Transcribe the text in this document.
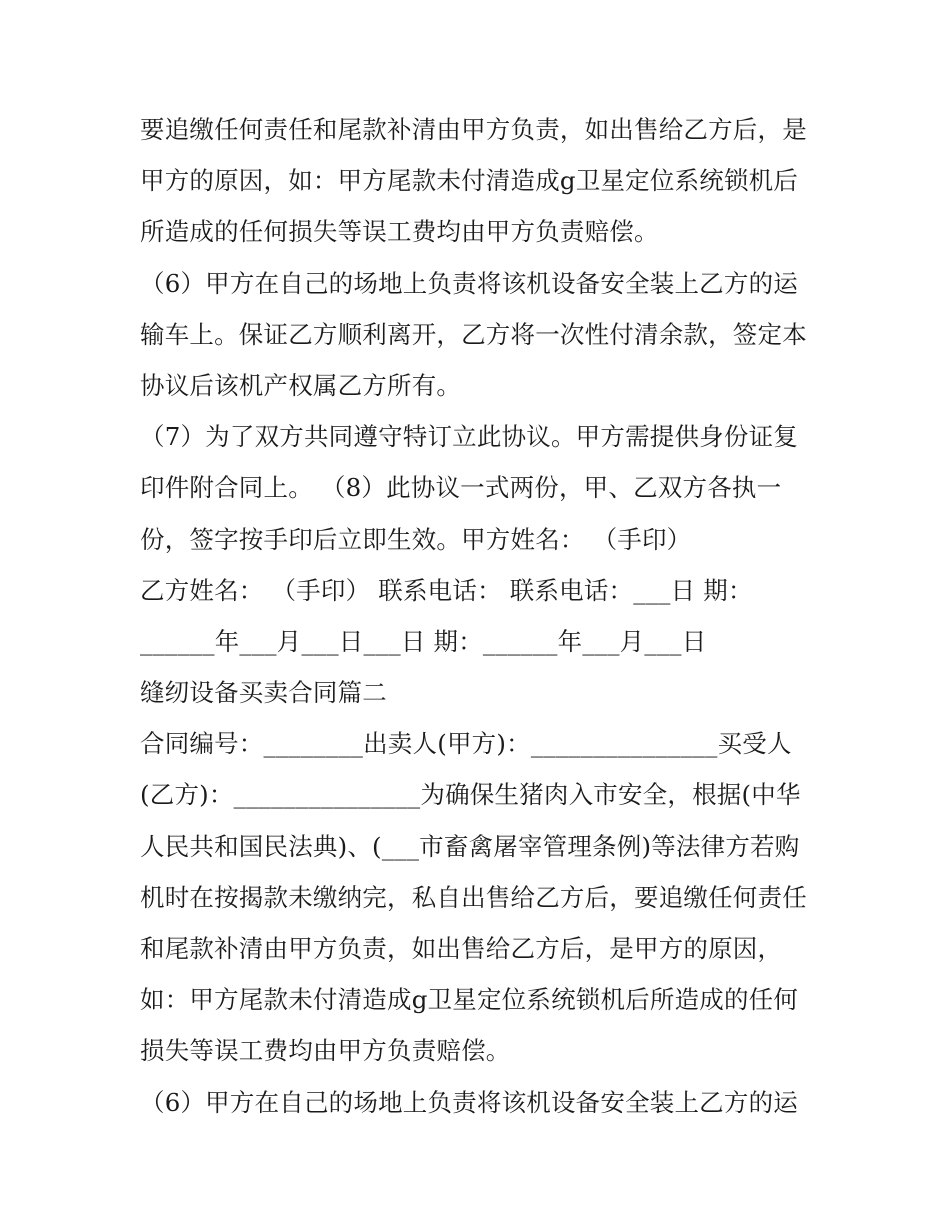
要追缴任何责任和尾款补清由甲方负责，如出售给乙方后，是
甲方的原因，如：甲方尾款未付清造成g卫星定位系统锁机后
所造成的任何损失等误工费均由甲方负责赔偿。
（6）甲方在自己的场地上负责将该机设备安全装上乙方的运
输车上。保证乙方顺利离开，乙方将一次性付清余款，签定本
协议后该机产权属乙方所有。
（7）为了双方共同遵守特订立此协议。甲方需提供身份证复
印件附合同上。 （8）此协议一式两份，甲、乙双方各执一
份，签字按手印后立即生效。甲方姓名： （手印）
乙方姓名： （手印） 联系电话： 联系电话：___日 期：
______年___月___日___日 期：______年___月___日
缝纫设备买卖合同篇二
合同编号：________出卖人(甲方)：_______________买受人
(乙方)：_______________为确保生猪肉入市安全，根据(中华
人民共和国民法典)、(___市畜禽屠宰管理条例)等法律方若购
机时在按揭款未缴纳完，私自出售给乙方后，要追缴任何责任
和尾款补清由甲方负责，如出售给乙方后，是甲方的原因，
如：甲方尾款未付清造成g卫星定位系统锁机后所造成的任何
损失等误工费均由甲方负责赔偿。
（6）甲方在自己的场地上负责将该机设备安全装上乙方的运
